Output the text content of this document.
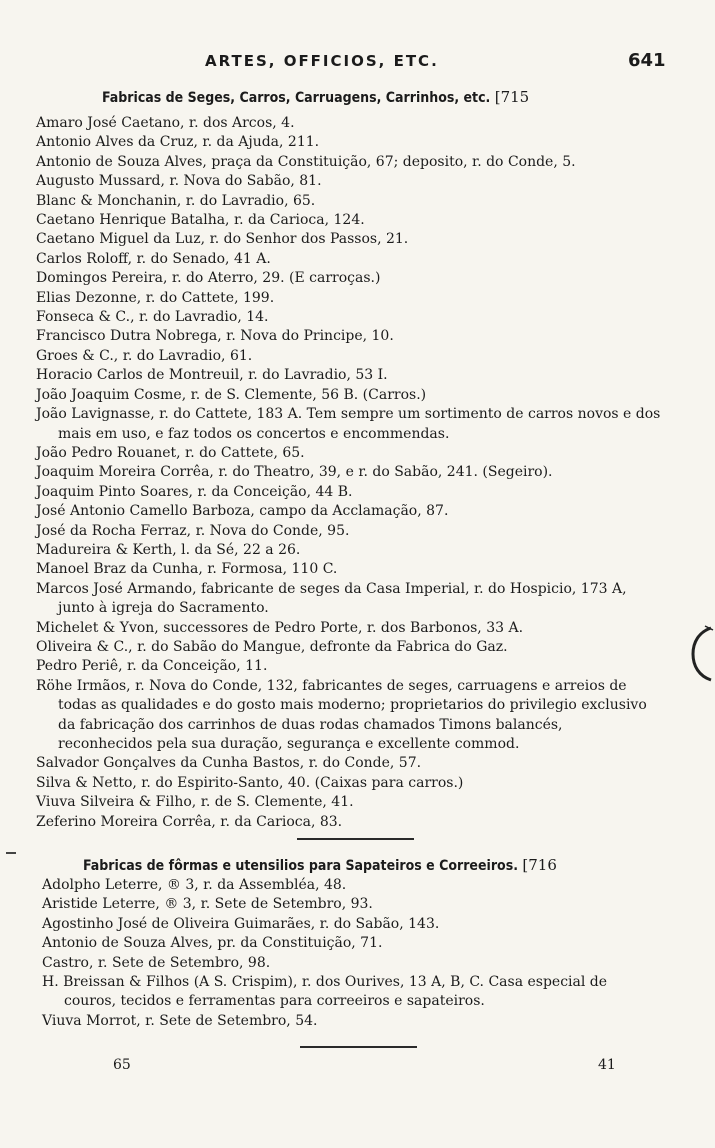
ARTES, OFFICIOS, ETC.	641
Fabricas de Seges, Carros, Carruagens, Carrinhos, etc. [715
Amaro José Caetano, r. dos Arcos, 4.
Antonio Alves da Cruz, r. da Ajuda, 211.
Antonio de Souza Alves, praça da Constituição, 67; deposito, r. do Conde, 5.
Augusto Mussard, r. Nova do Sabão, 81.
Blanc & Monchanin, r. do Lavradio, 65.
Caetano Henrique Batalha, r. da Carioca, 124.
Caetano Miguel da Luz, r. do Senhor dos Passos, 21.
Carlos Roloff, r. do Senado, 41 A.
Domingos Pereira, r. do Aterro, 29. (E carroças.)
Elias Dezonne, r. do Cattete, 199.
Fonseca & C., r. do Lavradio, 14.
Francisco Dutra Nobrega, r. Nova do Principe, 10.
Groes & C., r. do Lavradio, 61.
Horacio Carlos de Montreuil, r. do Lavradio, 53 I.
João Joaquim Cosme, r. de S. Clemente, 56 B. (Carros.)
João Lavignasse, r. do Cattete, 183 A. Tem sempre um sortimento de carros novos e dos mais em uso, e faz todos os concertos e encommendas.
João Pedro Rouanet, r. do Cattete, 65.
Joaquim Moreira Corrêa, r. do Theatro, 39, e r. do Sabão, 241. (Segeiro).
Joaquim Pinto Soares, r. da Conceição, 44 B.
José Antonio Camello Barboza, campo da Acclamação, 87.
José da Rocha Ferraz, r. Nova do Conde, 95.
Madureira & Kerth, l. da Sé, 22 a 26.
Manoel Braz da Cunha, r. Formosa, 110 C.
Marcos José Armando, fabricante de seges da Casa Imperial, r. do Hospicio, 173 A, junto à igreja do Sacramento.
Michelet & Yvon, successores de Pedro Porte, r. dos Barbonos, 33 A.
Oliveira & C., r. do Sabão do Mangue, defronte da Fabrica do Gaz.
Pedro Periê, r. da Conceição, 11.
Röhe Irmãos, r. Nova do Conde, 132, fabricantes de seges, carruagens e arreios de todas as qualidades e do gosto mais moderno; proprietarios do privilegio exclusivo da fabricação dos carrinhos de duas rodas chamados Timons balancés, reconhecidos pela sua duração, segurança e excellente commod.
Salvador Gonçalves da Cunha Bastos, r. do Conde, 57.
Silva & Netto, r. do Espirito-Santo, 40. (Caixas para carros.)
Viuva Silveira & Filho, r. de S. Clemente, 41.
Zeferino Moreira Corrêa, r. da Carioca, 83.
Fabricas de fôrmas e utensilios para Sapateiros e Correeiros. [716
Adolpho Leterre, ® 3, r. da Assembléa, 48.
Aristide Leterre, ® 3, r. Sete de Setembro, 93.
Agostinho José de Oliveira Guimarães, r. do Sabão, 143.
Antonio de Souza Alves, pr. da Constituição, 71.
Castro, r. Sete de Setembro, 98.
H. Breissan & Filhos (A S. Crispim), r. dos Ourives, 13 A, B, C. Casa especial de couros, tecidos e ferramentas para correeiros e sapateiros.
Viuva Morrot, r. Sete de Setembro, 54.
65	41
